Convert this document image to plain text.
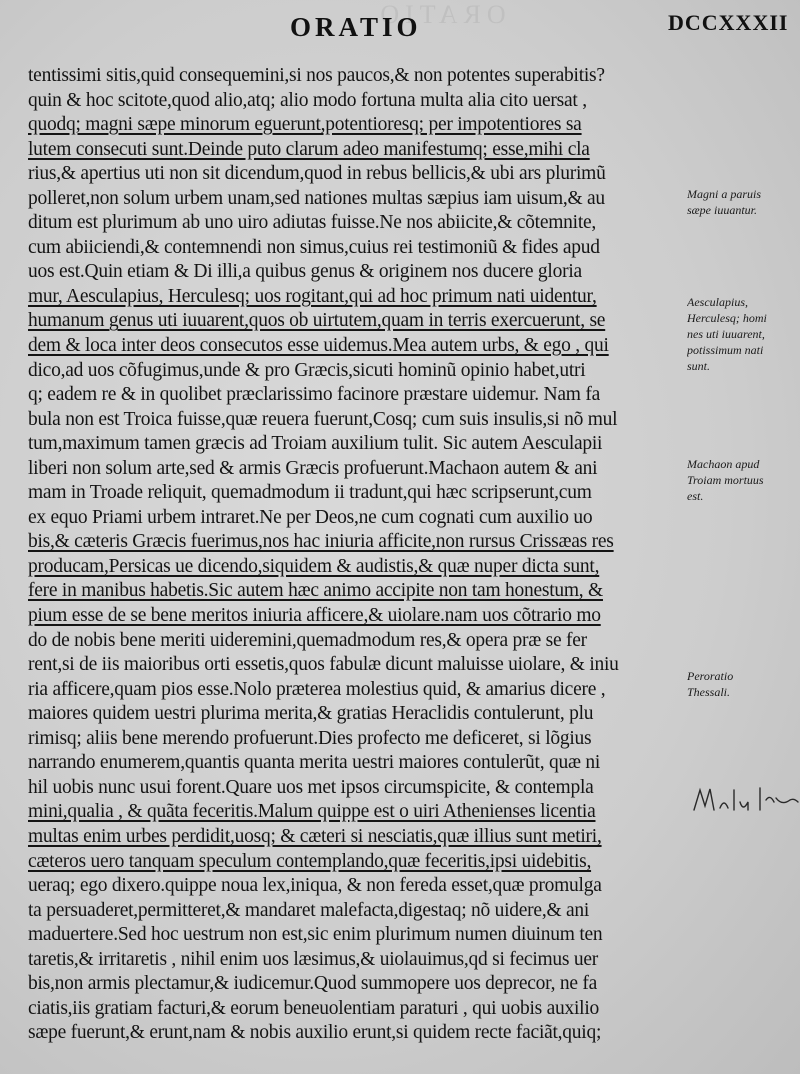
ORATIO
ORATIO	DCCXXXII
tentissimi sitis,quid consequemini,si nos paucos,& non potentes superabitis?
quin & hoc scitote,quod alio,atq; alio modo fortuna multa alia cito uersat ,
quodq; magni sæpe minorum eguerunt,potentioresq; per impotentiores sa
lutem consecuti sunt.Deinde puto clarum adeo manifestumq; esse,mihi cla
rius,& apertius uti non sit dicendum,quod in rebus bellicis,& ubi ars plurimũ
polleret,non solum urbem unam,sed nationes multas sæpius iam uisum,& au
ditum est plurimum ab uno uiro adiutas fuisse.Ne nos abiicite,& cõtemnite,
cum abiiciendi,& contemnendi non simus,cuius rei testimoniũ & fides apud
uos est.Quin etiam & Di illi,a quibus genus & originem nos ducere gloria
mur, Aesculapius, Herculesq; uos rogitant,qui ad hoc primum nati uidentur,
humanum genus uti iuuarent,quos ob uirtutem,quam in terris exercuerunt, se
dem & loca inter deos consecutos esse uidemus.Mea autem urbs, & ego , qui
dico,ad uos cõfugimus,unde & pro Græcis,sicuti hominũ opinio habet,utri
q; eadem re & in quolibet præclarissimo facinore præstare uidemur. Nam fa
bula non est Troica fuisse,quæ reuera fuerunt,Cosq; cum suis insulis,si nõ mul
tum,maximum tamen græcis ad Troiam auxilium tulit. Sic autem Aesculapii
liberi non solum arte,sed & armis Græcis profuerunt.Machaon autem & ani
mam in Troade reliquit, quemadmodum ii tradunt,qui hæc scripserunt,cum
ex equo Priami urbem intraret.Ne per Deos,ne cum cognati cum auxilio uo
bis,& cæteris Græcis fuerimus,nos hac iniuria afficite,non rursus Crissæas res
producam,Persicas ue dicendo,siquidem & audistis,& quæ nuper dicta sunt,
fere in manibus habetis.Sic autem hæc animo accipite non tam honestum, &
pium esse de se bene meritos iniuria afficere,& uiolare.nam uos cõtrario mo
do de nobis bene meriti uideremini,quemadmodum res,& opera præ se fer
rent,si de iis maioribus orti essetis,quos fabulæ dicunt maluisse uiolare, & iniu
ria afficere,quam pios esse.Nolo præterea molestius quid, & amarius dicere ,
maiores quidem uestri plurima merita,& gratias Heraclidis contulerunt, plu
rimisq; aliis bene merendo profuerunt.Dies profecto me deficeret, si lõgius
narrando enumerem,quantis quanta merita uestri maiores contulerũt, quæ ni
hil uobis nunc usui forent.Quare uos met ipsos circumspicite, & contempla
mini,qualia , & quãta feceritis.Malum quippe est o uiri Athenienses licentia
multas enim urbes perdidit,uosq; & cæteri si nesciatis,quæ illius sunt metiri,
cæteros uero tanquam speculum contemplando,quæ feceritis,ipsi uidebitis,
ueraq; ego dixero.quippe noua lex,iniqua, & non fereda esset,quæ promulga
ta persuaderet,permitteret,& mandaret malefacta,digestaq; nõ uidere,& ani
maduertere.Sed hoc uestrum non est,sic enim plurimum numen diuinum ten
taretis,& irritaretis , nihil enim uos læsimus,& uiolauimus,qd si fecimus uer
bis,non armis plectamur,& iudicemur.Quod summopere uos deprecor, ne fa
ciatis,iis gratiam facturi,& eorum beneuolentiam paraturi , qui uobis auxilio
sæpe fuerunt,& erunt,nam & nobis auxilio erunt,si quidem recte faciãt,quiq;
Magni a paruis
sæpe iuuantur.
Aesculapius,
Herculesq; homi
nes uti iuuarent,
potissimum nati
sunt.
Machaon apud
Troiam mortuus
est.
Peroratio
Thessali.
